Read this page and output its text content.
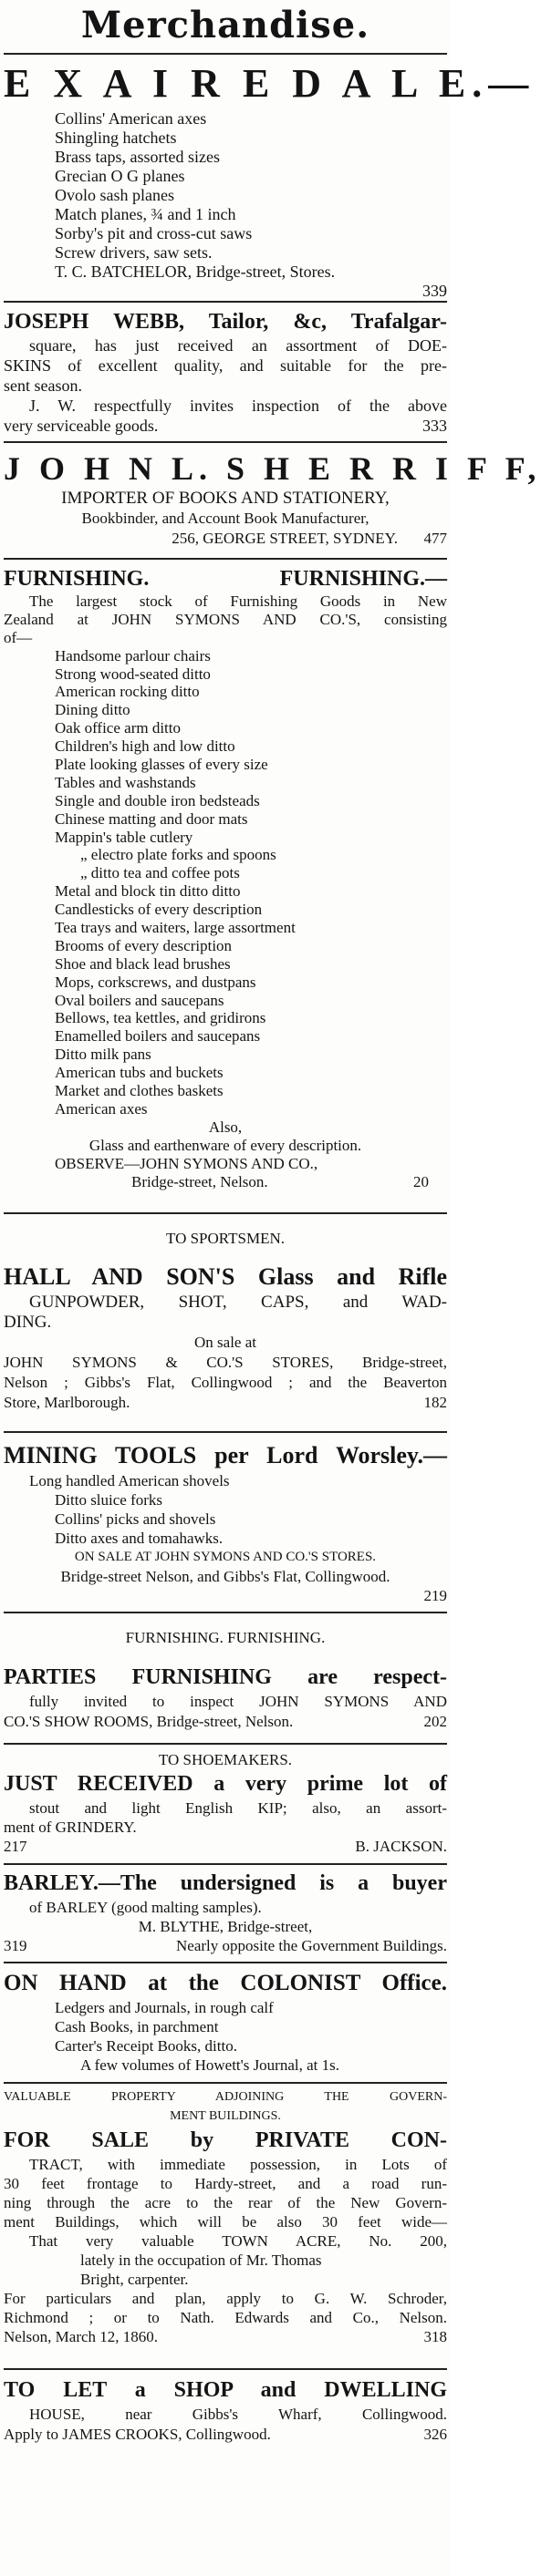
Merchandise.
E X A I R E D A L E.—
Collins' American axes
Shingling hatchets
Brass taps, assorted sizes
Grecian O G planes
Ovolo sash planes
Match planes, ¾ and 1 inch
Sorby's pit and cross-cut saws
Screw drivers, saw sets.
T. C. BATCHELOR, Bridge-street, Stores.
339
JOSEPH WEBB, Tailor, &c, Trafalgar-
square, has just received an assortment of DOE-
SKINS of excellent quality, and suitable for the pre-
sent season.
J. W. respectfully invites inspection of the above
very serviceable goods.	333
J O H N L. S H E R R I F F,
IMPORTER OF BOOKS AND STATIONERY,
Bookbinder, and Account Book Manufacturer,
256, GEORGE STREET, SYDNEY. 477
FURNISHING. FURNISHING.—
The largest stock of Furnishing Goods in New
Zealand at JOHN SYMONS AND CO.'S, consisting
of—
Handsome parlour chairs
Strong wood-seated ditto
American rocking ditto
Dining ditto
Oak office arm ditto
Children's high and low ditto
Plate looking glasses of every size
Tables and washstands
Single and double iron bedsteads
Chinese matting and door mats
Mappin's table cutlery
„ electro plate forks and spoons
„ ditto tea and coffee pots
Metal and block tin ditto ditto
Candlesticks of every description
Tea trays and waiters, large assortment
Brooms of every description
Shoe and black lead brushes
Mops, corkscrews, and dustpans
Oval boilers and saucepans
Bellows, tea kettles, and gridirons
Enamelled boilers and saucepans
Ditto milk pans
American tubs and buckets
Market and clothes baskets
American axes
Also,
Glass and earthenware of every description.
OBSERVE—JOHN SYMONS AND CO.,
Bridge-street, Nelson.	20
TO SPORTSMEN.
HALL AND SON'S Glass and Rifle
GUNPOWDER, SHOT, CAPS, and WAD-
DING.
On sale at
JOHN SYMONS & CO.'S STORES, Bridge-street,
Nelson ; Gibbs's Flat, Collingwood ; and the Beaverton
Store, Marlborough.	182
MINING TOOLS per Lord Worsley.—
Long handled American shovels
Ditto sluice forks
Collins' picks and shovels
Ditto axes and tomahawks.
ON SALE AT JOHN SYMONS AND CO.'S STORES.
Bridge-street Nelson, and Gibbs's Flat, Collingwood.
219
FURNISHING. FURNISHING.
PARTIES FURNISHING are respect-
fully invited to inspect JOHN SYMONS AND
CO.'S SHOW ROOMS, Bridge-street, Nelson.	202
TO SHOEMAKERS.
JUST RECEIVED a very prime lot of
stout and light English KIP; also, an assort-
ment of GRINDERY.
217	B. JACKSON.
BARLEY.—The undersigned is a buyer
of BARLEY (good malting samples).
M. BLYTHE, Bridge-street,
319	Nearly opposite the Government Buildings.
ON HAND at the COLONIST Office.
Ledgers and Journals, in rough calf
Cash Books, in parchment
Carter's Receipt Books, ditto.
A few volumes of Howett's Journal, at 1s.
VALUABLE PROPERTY ADJOINING THE GOVERN-
MENT BUILDINGS.
FOR SALE by PRIVATE CON-
TRACT, with immediate possession, in Lots of
30 feet frontage to Hardy-street, and a road run-
ning through the acre to the rear of the New Govern-
ment Buildings, which will be also 30 feet wide—
That very valuable TOWN ACRE, No. 200,
lately in the occupation of Mr. Thomas
Bright, carpenter.
For particulars and plan, apply to G. W. Schroder,
Richmond ; or to Nath. Edwards and Co., Nelson.
Nelson, March 12, 1860.	318
TO LET a SHOP and DWELLING
HOUSE, near Gibbs's Wharf, Collingwood.
Apply to JAMES CROOKS, Collingwood.	326
